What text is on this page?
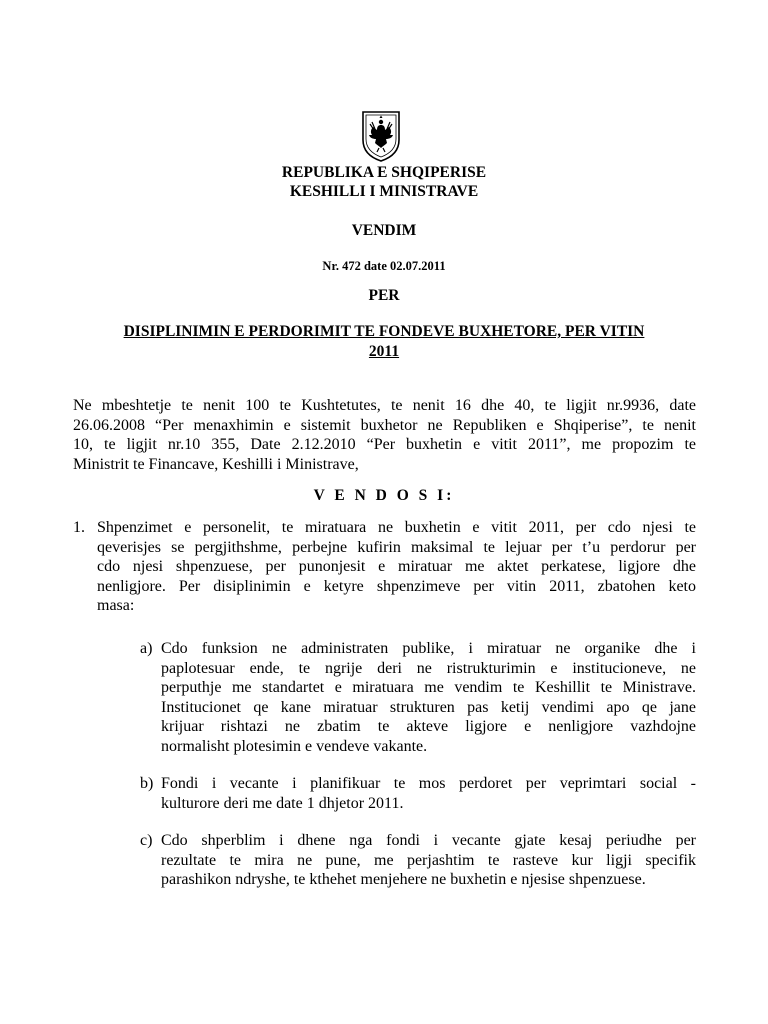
REPUBLIKA E SHQIPERISE
KESHILLI I MINISTRAVE
VENDIM
Nr. 472 date 02.07.2011
PER
DISIPLINIMIN E PERDORIMIT TE FONDEVE BUXHETORE, PER VITIN
2011
Ne mbeshtetje te nenit 100 te Kushtetutes, te nenit 16 dhe 40, te ligjit nr.9936, date
26.06.2008 “Per menaxhimin e sistemit buxhetor ne Republiken e Shqiperise”, te nenit
10, te ligjit nr.10 355, Date 2.12.2010 “Per buxhetin e vitit 2011”, me propozim te
Ministrit te Financave, Keshilli i Ministrave,
V E N D O S I:
1. Shpenzimet e personelit, te miratuara ne buxhetin e vitit 2011, per cdo njesi te
qeverisjes se pergjithshme, perbejne kufirin maksimal te lejuar per t’u perdorur per
cdo njesi shpenzuese, per punonjesit e miratuar me aktet perkatese, ligjore dhe
nenligjore. Per disiplinimin e ketyre shpenzimeve per vitin 2011, zbatohen keto
masa:
a) Cdo funksion ne administraten publike, i miratuar ne organike dhe i
paplotesuar ende, te ngrije deri ne ristrukturimin e institucioneve, ne
perputhje me standartet e miratuara me vendim te Keshillit te Ministrave.
Institucionet qe kane miratuar strukturen pas ketij vendimi apo qe jane
krijuar rishtazi ne zbatim te akteve ligjore e nenligjore vazhdojne
normalisht plotesimin e vendeve vakante.
b) Fondi i vecante i planifikuar te mos perdoret per veprimtari social -
kulturore deri me date 1 dhjetor 2011.
c) Cdo shperblim i dhene nga fondi i vecante gjate kesaj periudhe per
rezultate te mira ne pune, me perjashtim te rasteve kur ligji specifik
parashikon ndryshe, te kthehet menjehere ne buxhetin e njesise shpenzuese.
